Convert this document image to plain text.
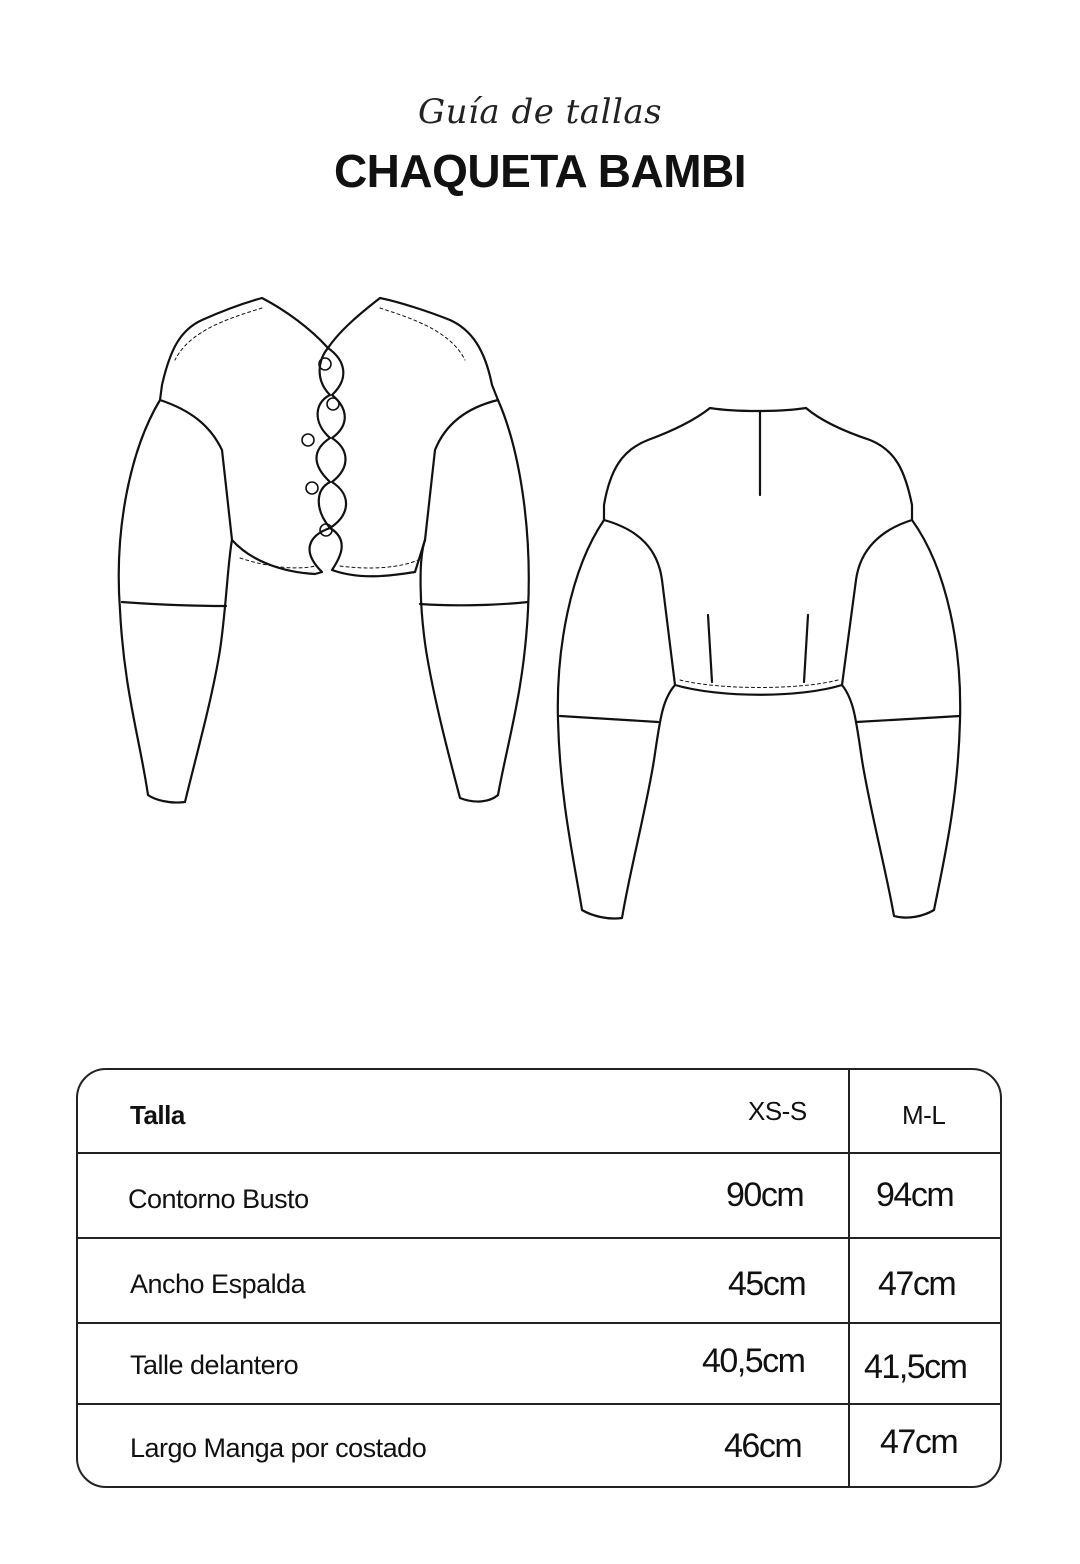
Guía de tallas
CHAQUETA BAMBI
Talla	XS-S	M-L
Contorno Busto	90cm 94cm
Ancho Espalda	45cm 47cm
Talle delantero	40,5cm 41,5cm
Largo Manga por costado	46cm 47cm
